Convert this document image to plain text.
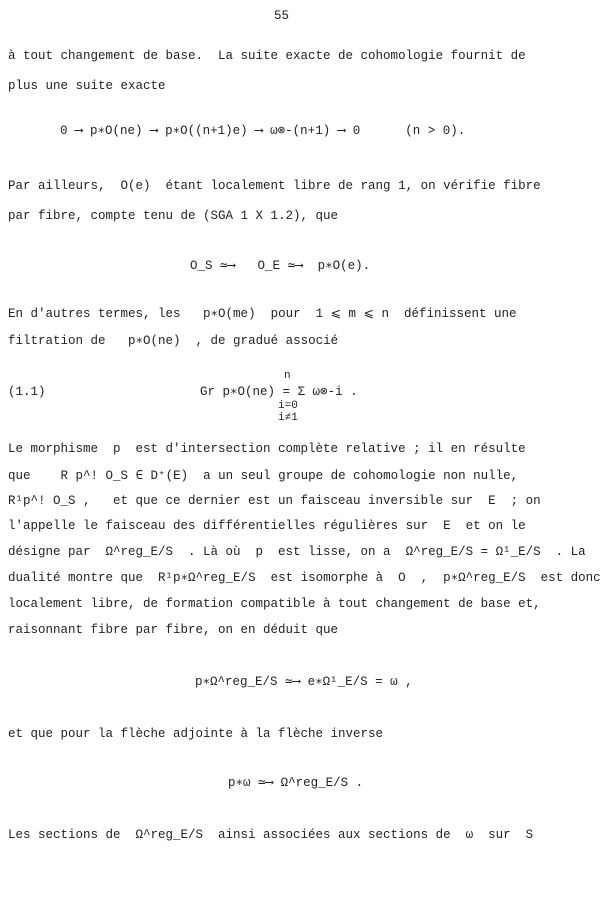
55
à tout changement de base.  La suite exacte de cohomologie fournit de
plus une suite exacte
0 ⟶ p∗O(ne) ⟶ p∗O((n+1)e) ⟶ ω⊗-(n+1) ⟶ 0      (n > 0).
Par ailleurs,  O(e)  étant localement libre de rang 1, on vérifie fibre
par fibre, compte tenu de (SGA 1 X 1.2), que
O_S ≃⟶   O_E ≃⟶  p∗O(e).
En d'autres termes, les   p∗O(me)  pour  1 ⩽ m ⩽ n  définissent une
filtration de   p∗O(ne)  , de gradué associé
(1.1)	Gr p∗O(ne) = Σ ω⊗-i .
n
i=0
i≠1
Le morphisme  p  est d'intersection complète relative ; il en résulte
que    R p^! O_S ∈ D⁺(E)  a un seul groupe de cohomologie non nulle,
R¹p^! O_S ,   et que ce dernier est un faisceau inversible sur  E  ; on
l'appelle le faisceau des différentielles régulières sur  E  et on le
désigne par  Ω^reg_E/S  . Là où  p  est lisse, on a  Ω^reg_E/S = Ω¹_E/S  . La
dualité montre que  R¹p∗Ω^reg_E/S  est isomorphe à  O  ,  p∗Ω^reg_E/S  est donc
localement libre, de formation compatible à tout changement de base et,
raisonnant fibre par fibre, on en déduit que
p∗Ω^reg_E/S ≃⟶ e∗Ω¹_E/S = ω ,
et que pour la flèche adjointe à la flèche inverse
p∗ω ≃⟶ Ω^reg_E/S .
Les sections de  Ω^reg_E/S  ainsi associées aux sections de  ω  sur  S
